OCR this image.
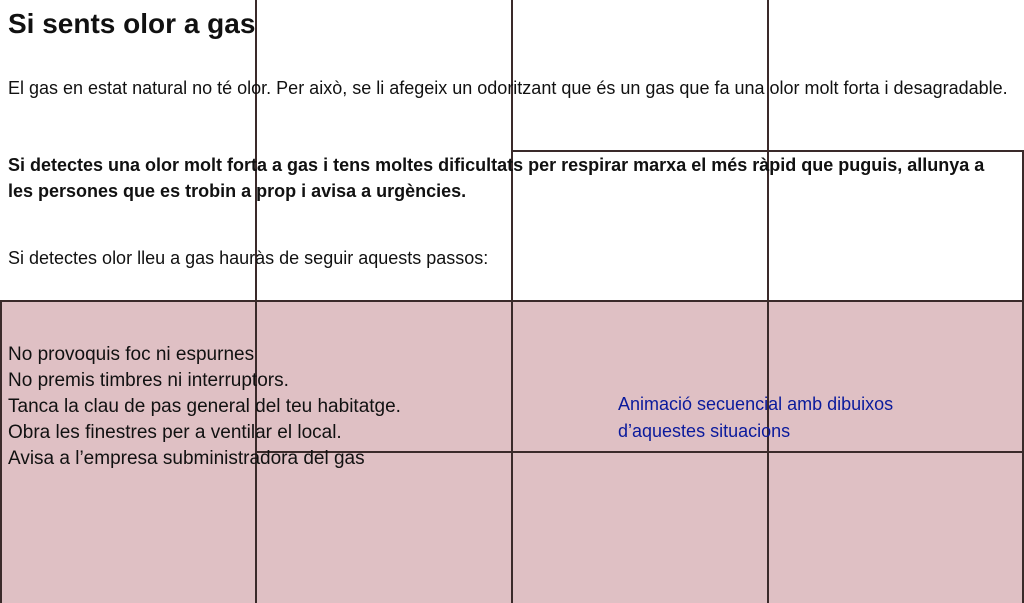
Si sents olor a gas

El gas en estat natural no té olor. Per això, se li afegeix un odoritzant que és un gas que fa una olor molt forta i desagradable.

Si detectes una olor molt forta a gas i tens moltes dificultats per respirar marxa el més ràpid que puguis, allunya a les persones que es trobin a prop i avisa a urgències.

Si detectes olor lleu a gas hauràs de seguir aquests passos:

No provoquis foc ni espurnes
No premis timbres ni interruptors.
Tanca la clau de pas general del teu habitatge.
Obra les finestres per a ventilar el local.
Avisa a l’empresa subministradora del gas

Animació secuencial amb dibuixos d’aquestes situacions
